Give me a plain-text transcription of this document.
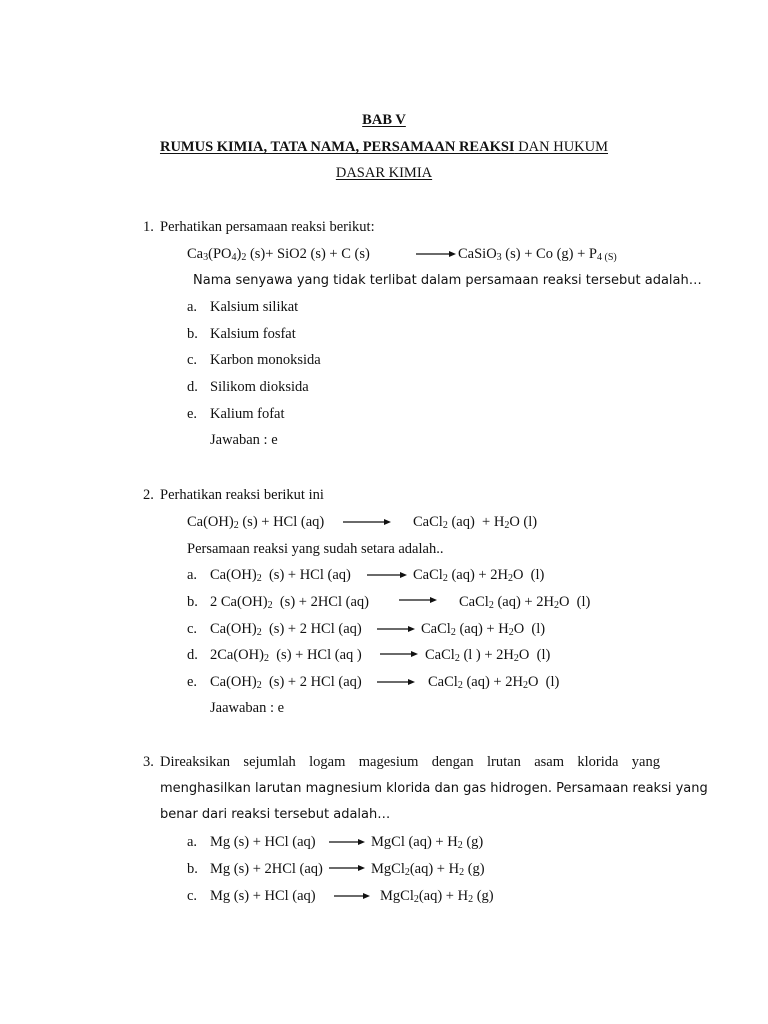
BAB V
RUMUS KIMIA, TATA NAMA, PERSAMAAN REAKSI DAN HUKUM
DASAR KIMIA
1. Perhatikan persamaan reaksi berikut:
$Ca_3(PO_4)_2$ (s)+ SiO2 (s) + C (s)	CaSiO$_3$ (s) + Co $(g) + P_{4 (S)}$
Nama senyawa yang tidak terlibat dalam persamaan reaksi tersebut adalah…
a. Kalsium silikat
b. Kalsium fosfat
c. Karbon monoksida
d. Silikom dioksida
e. Kalium fofat
Jawaban : e
2. Perhatikan reaksi berikut ini
$Ca(OH)_2$ (s) + HCl (aq)	CaCl$_2$ $(aq) + H_2O$ (l)
Persamaan reaksi yang sudah setara adalah..
a. $Ca(OH)_2$  (s) + HCl (aq)	CaCl$_2$ $(aq) + 2H_2O$  (l)
b. 2 $Ca(OH)_2$  (s) + 2HCl (aq)	CaCl$_2$ $(aq) + 2H_2O$  (l)
c. $Ca(OH)_2$  (s) + 2 HCl (aq)	CaCl$_2$ $(aq) + H_2O$  (l)
d. $2Ca(OH)_2$  (s) + HCl (aq )	CaCl$_2$ (l ) + $2H_2O$  (l)
e. $Ca(OH)_2$  (s) + 2 HCl (aq)	CaCl$_2$ $(aq) + 2H_2O$  (l)
Jaawaban : e
3. Direaksikan sejumlah logam magesium dengan lrutan asam klorida yang
menghasilkan larutan magnesium klorida dan gas hidrogen. Persamaan reaksi yang
benar dari reaksi tersebut adalah…
a. Mg (s) + HCl (aq)	MgCl $(aq) + H_2$ (g)
b. Mg (s) + 2HCl (aq)	MgCl$_2$(aq) + $H_2$ (g)
c. Mg (s) + HCl (aq)	MgCl$_2$(aq) + $H_2$ (g)
